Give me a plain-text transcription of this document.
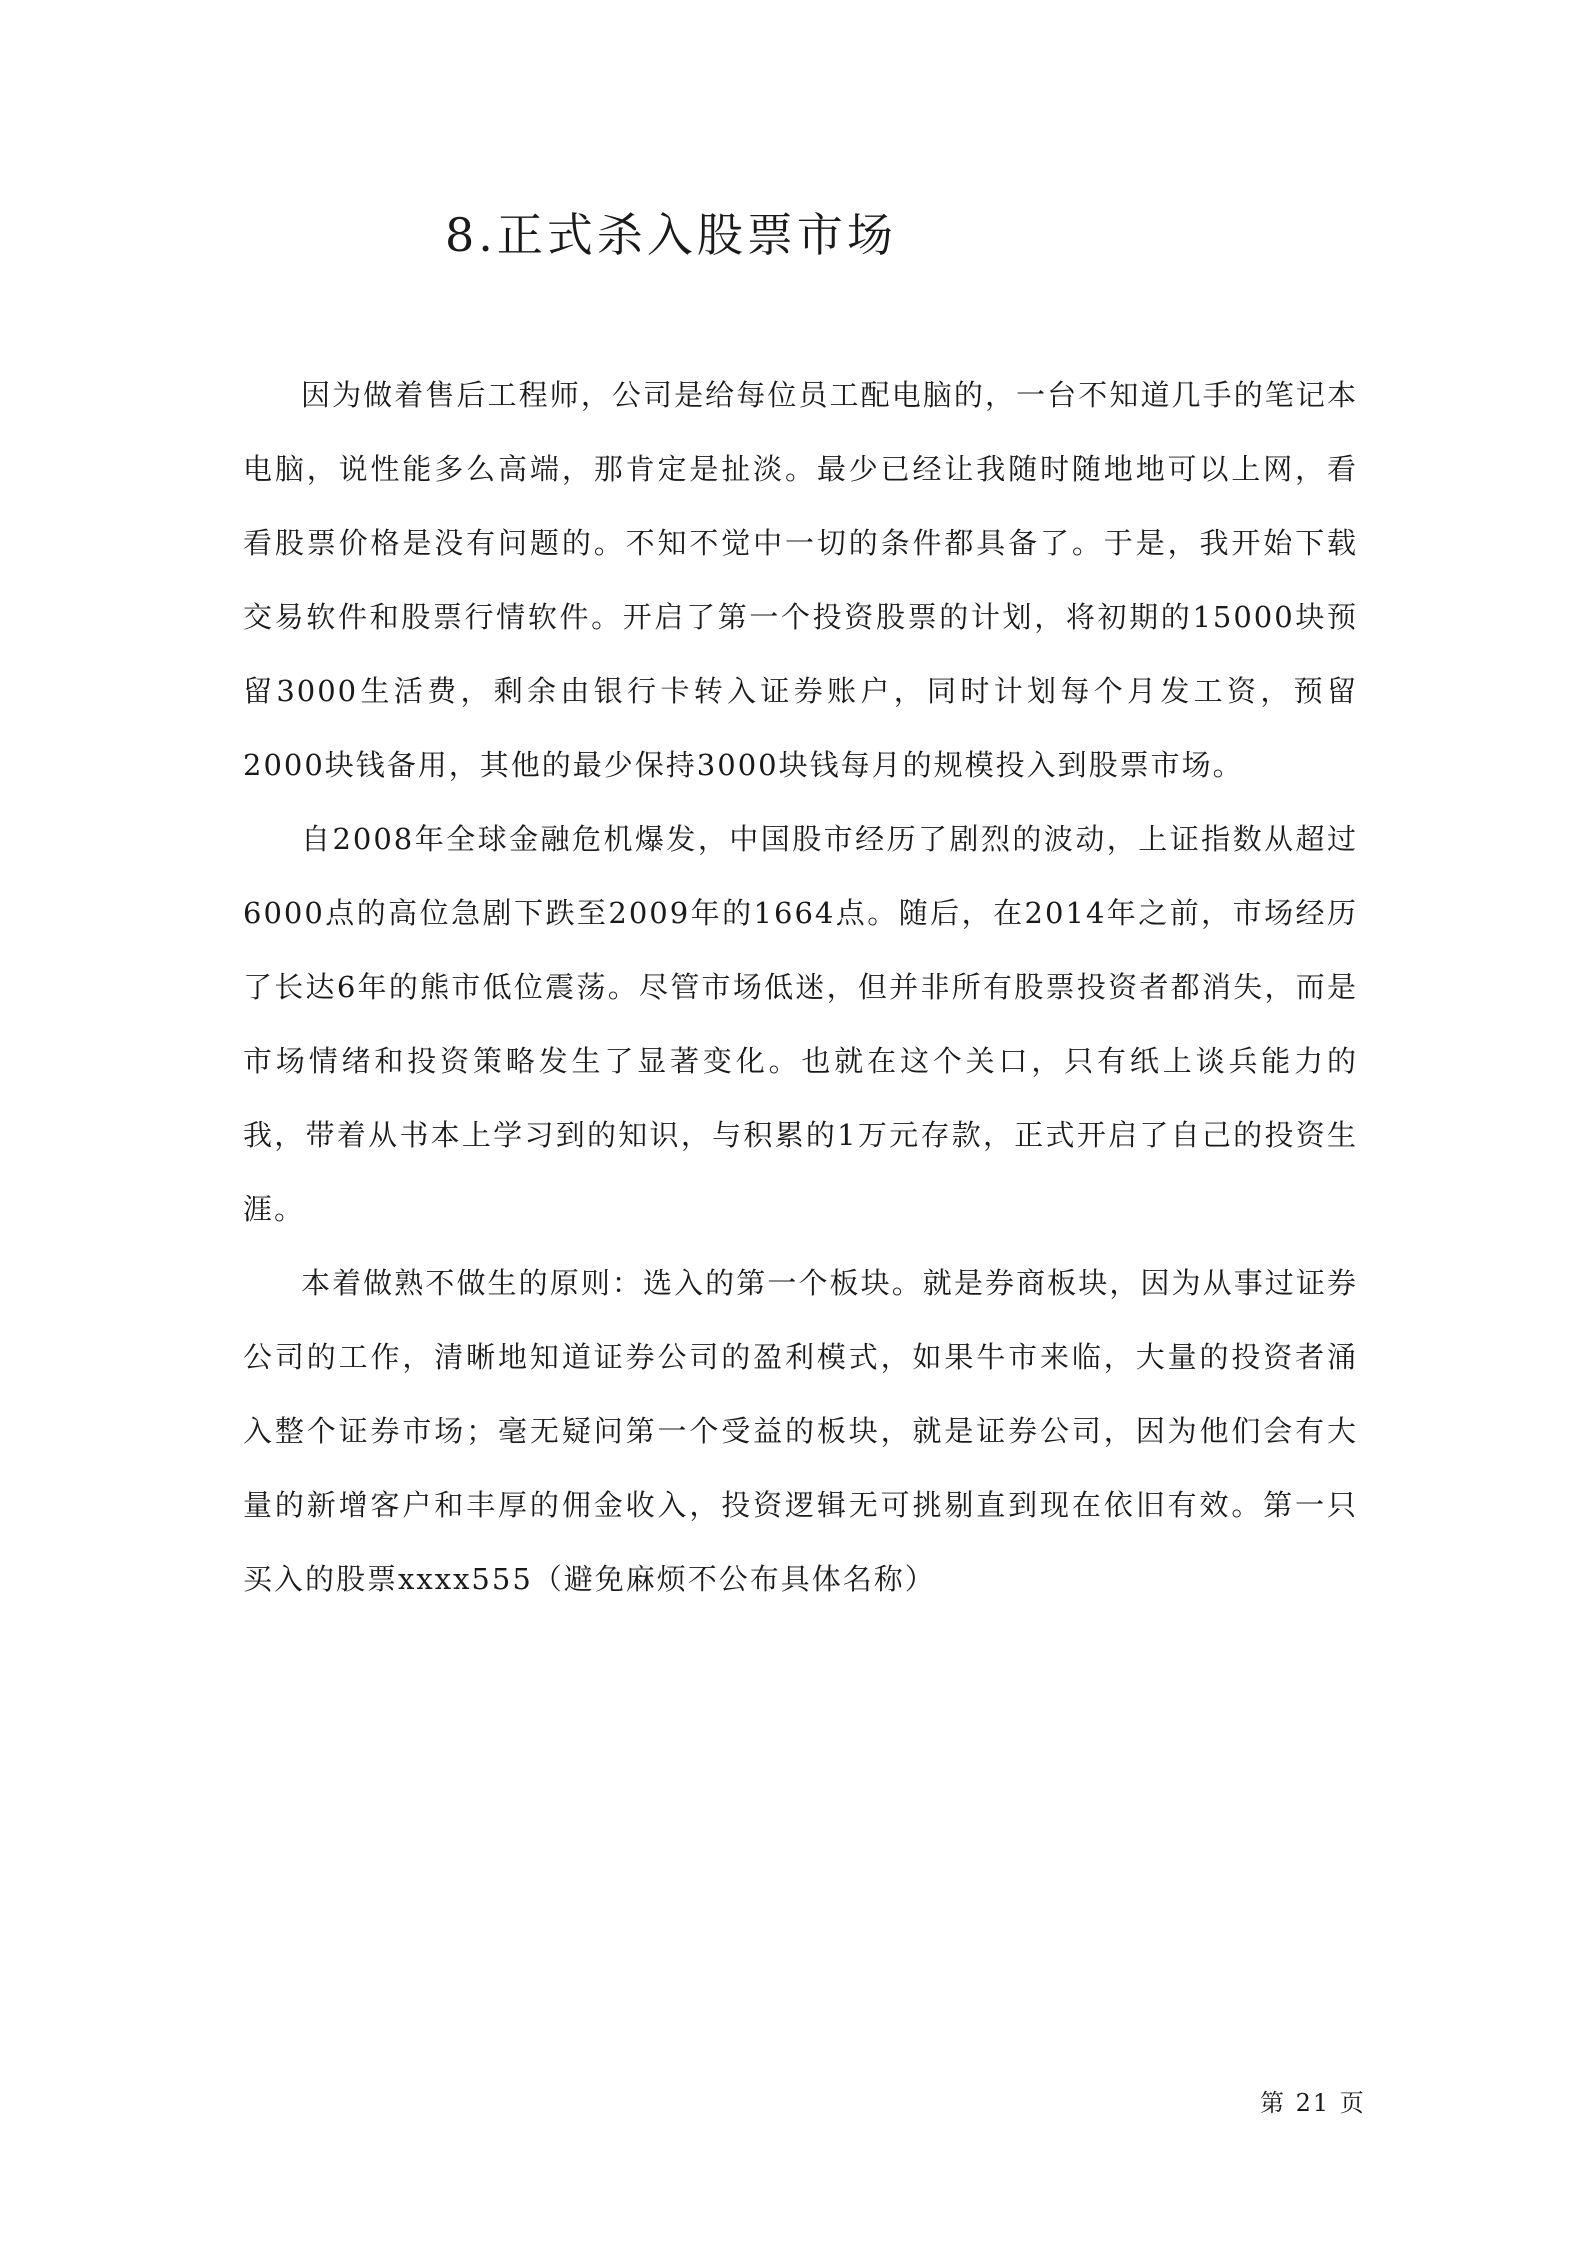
8.正式杀入股票市场

因为做着售后工程师，公司是给每位员工配电脑的，一台不知道几手的笔记本电脑，说性能多么高端，那肯定是扯淡。最少已经让我随时随地地可以上网，看看股票价格是没有问题的。不知不觉中一切的条件都具备了。于是，我开始下载交易软件和股票行情软件。开启了第一个投资股票的计划，将初期的15000块预留3000生活费，剩余由银行卡转入证券账户，同时计划每个月发工资，预留2000块钱备用，其他的最少保持3000块钱每月的规模投入到股票市场。

自2008年全球金融危机爆发，中国股市经历了剧烈的波动，上证指数从超过6000点的高位急剧下跌至2009年的1664点。随后，在2014年之前，市场经历了长达6年的熊市低位震荡。尽管市场低迷，但并非所有股票投资者都消失，而是市场情绪和投资策略发生了显著变化。也就在这个关口，只有纸上谈兵能力的我，带着从书本上学习到的知识，与积累的1万元存款，正式开启了自己的投资生涯。

本着做熟不做生的原则：选入的第一个板块。就是券商板块，因为从事过证券公司的工作，清晰地知道证券公司的盈利模式，如果牛市来临，大量的投资者涌入整个证券市场；毫无疑问第一个受益的板块，就是证券公司，因为他们会有大量的新增客户和丰厚的佣金收入，投资逻辑无可挑剔直到现在依旧有效。第一只买入的股票xxxx555（避免麻烦不公布具体名称）

第 21 页
